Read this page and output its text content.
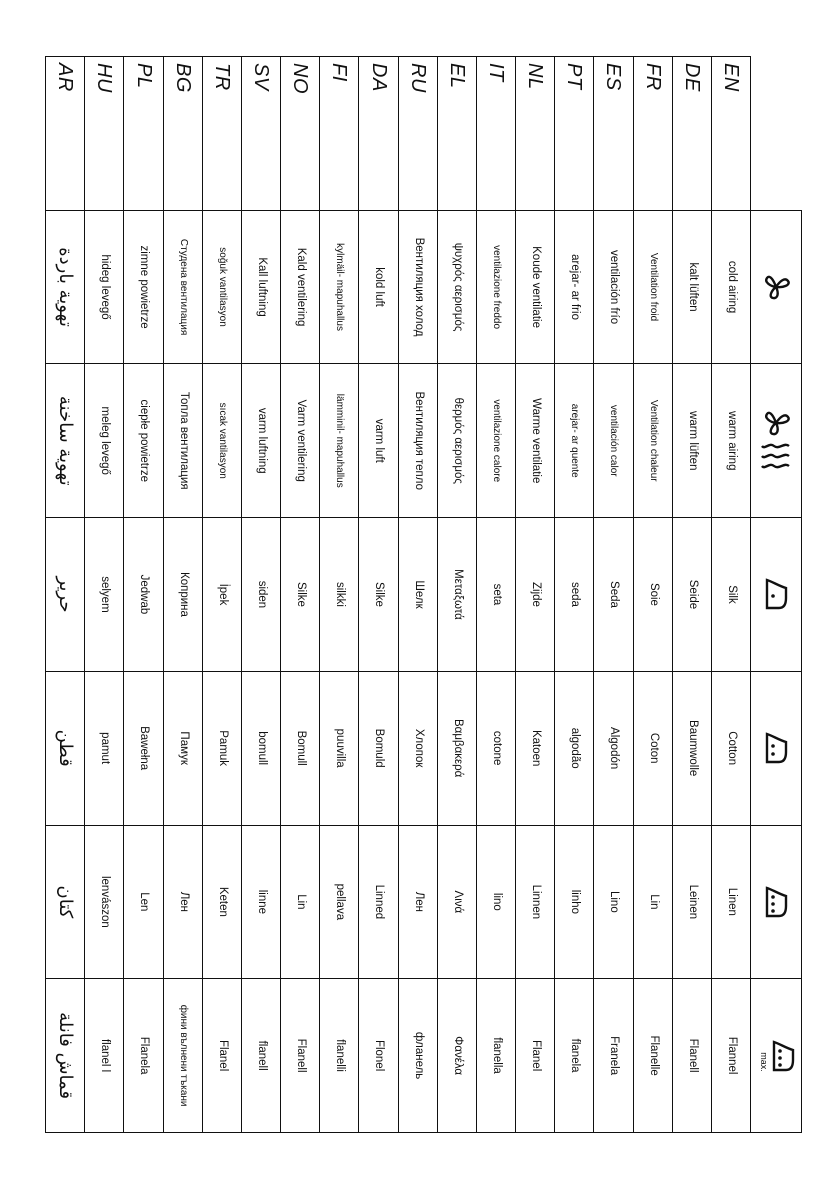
max.

EN	cold airing	warm airing	Silk	Cotton	Linen	Flannel
DE	kalt lüften	warm lüften	Seide	Baumwolle	Leinen	Flanell
FR	Ventilation froid	Ventilation chaleur	Soie	Coton	Lin	Flanelle
ES	ventilación frío	ventilación calor	Seda	Algodón	Lino	Franela
PT	arejar- ar frio	arejar- ar quente	seda	algodão	linho	flanela
NL	Koude ventilatie	Warme ventilatie	Zijde	Katoen	Linnen	Flanel
IT	ventilazione freddo	ventilazione calore	seta	cotone	lino	flanella
EL	ψυχρός αερισμός	θερμός αερισμός	Μεταξωτά	Βαμβακερά	Λινά	Φανέλα
RU	Вентиляция холод	Вентиляция тепло	Шелк	Хлопок	Лен	фланель
DA	kold luft	varm luft	Silke	Bomuld	Linned	Flonel
FI	kylmäil- mapuhallus	lämminil- mapuhallus	silkki	puuvilla	pellava	flanelli
NO	Kald ventilering	Varm ventilering	Silke	Bomull	Lin	Flanell
SV	Kall luftning	varm luftning	siden	bomull	linne	flanell
TR	soğuk vantilasyon	sıcak vantilasyon	İpek	Pamuk	Keten	Flanel
BG	Студена вентилация	Топла вентилация	Коприна	Памук	Лен	фини вълнени тъкани
PL	zimne powietrze	ciepłe powietrze	Jedwab	Bawełna	Len	Flanela
HU	hideg levegő	meleg levegő	selyem	pamut	lenvászon	flanel l
AR	تهوية باردة	تهوية ساخنة	حرير	قطن	كتان	قماش فانلة
